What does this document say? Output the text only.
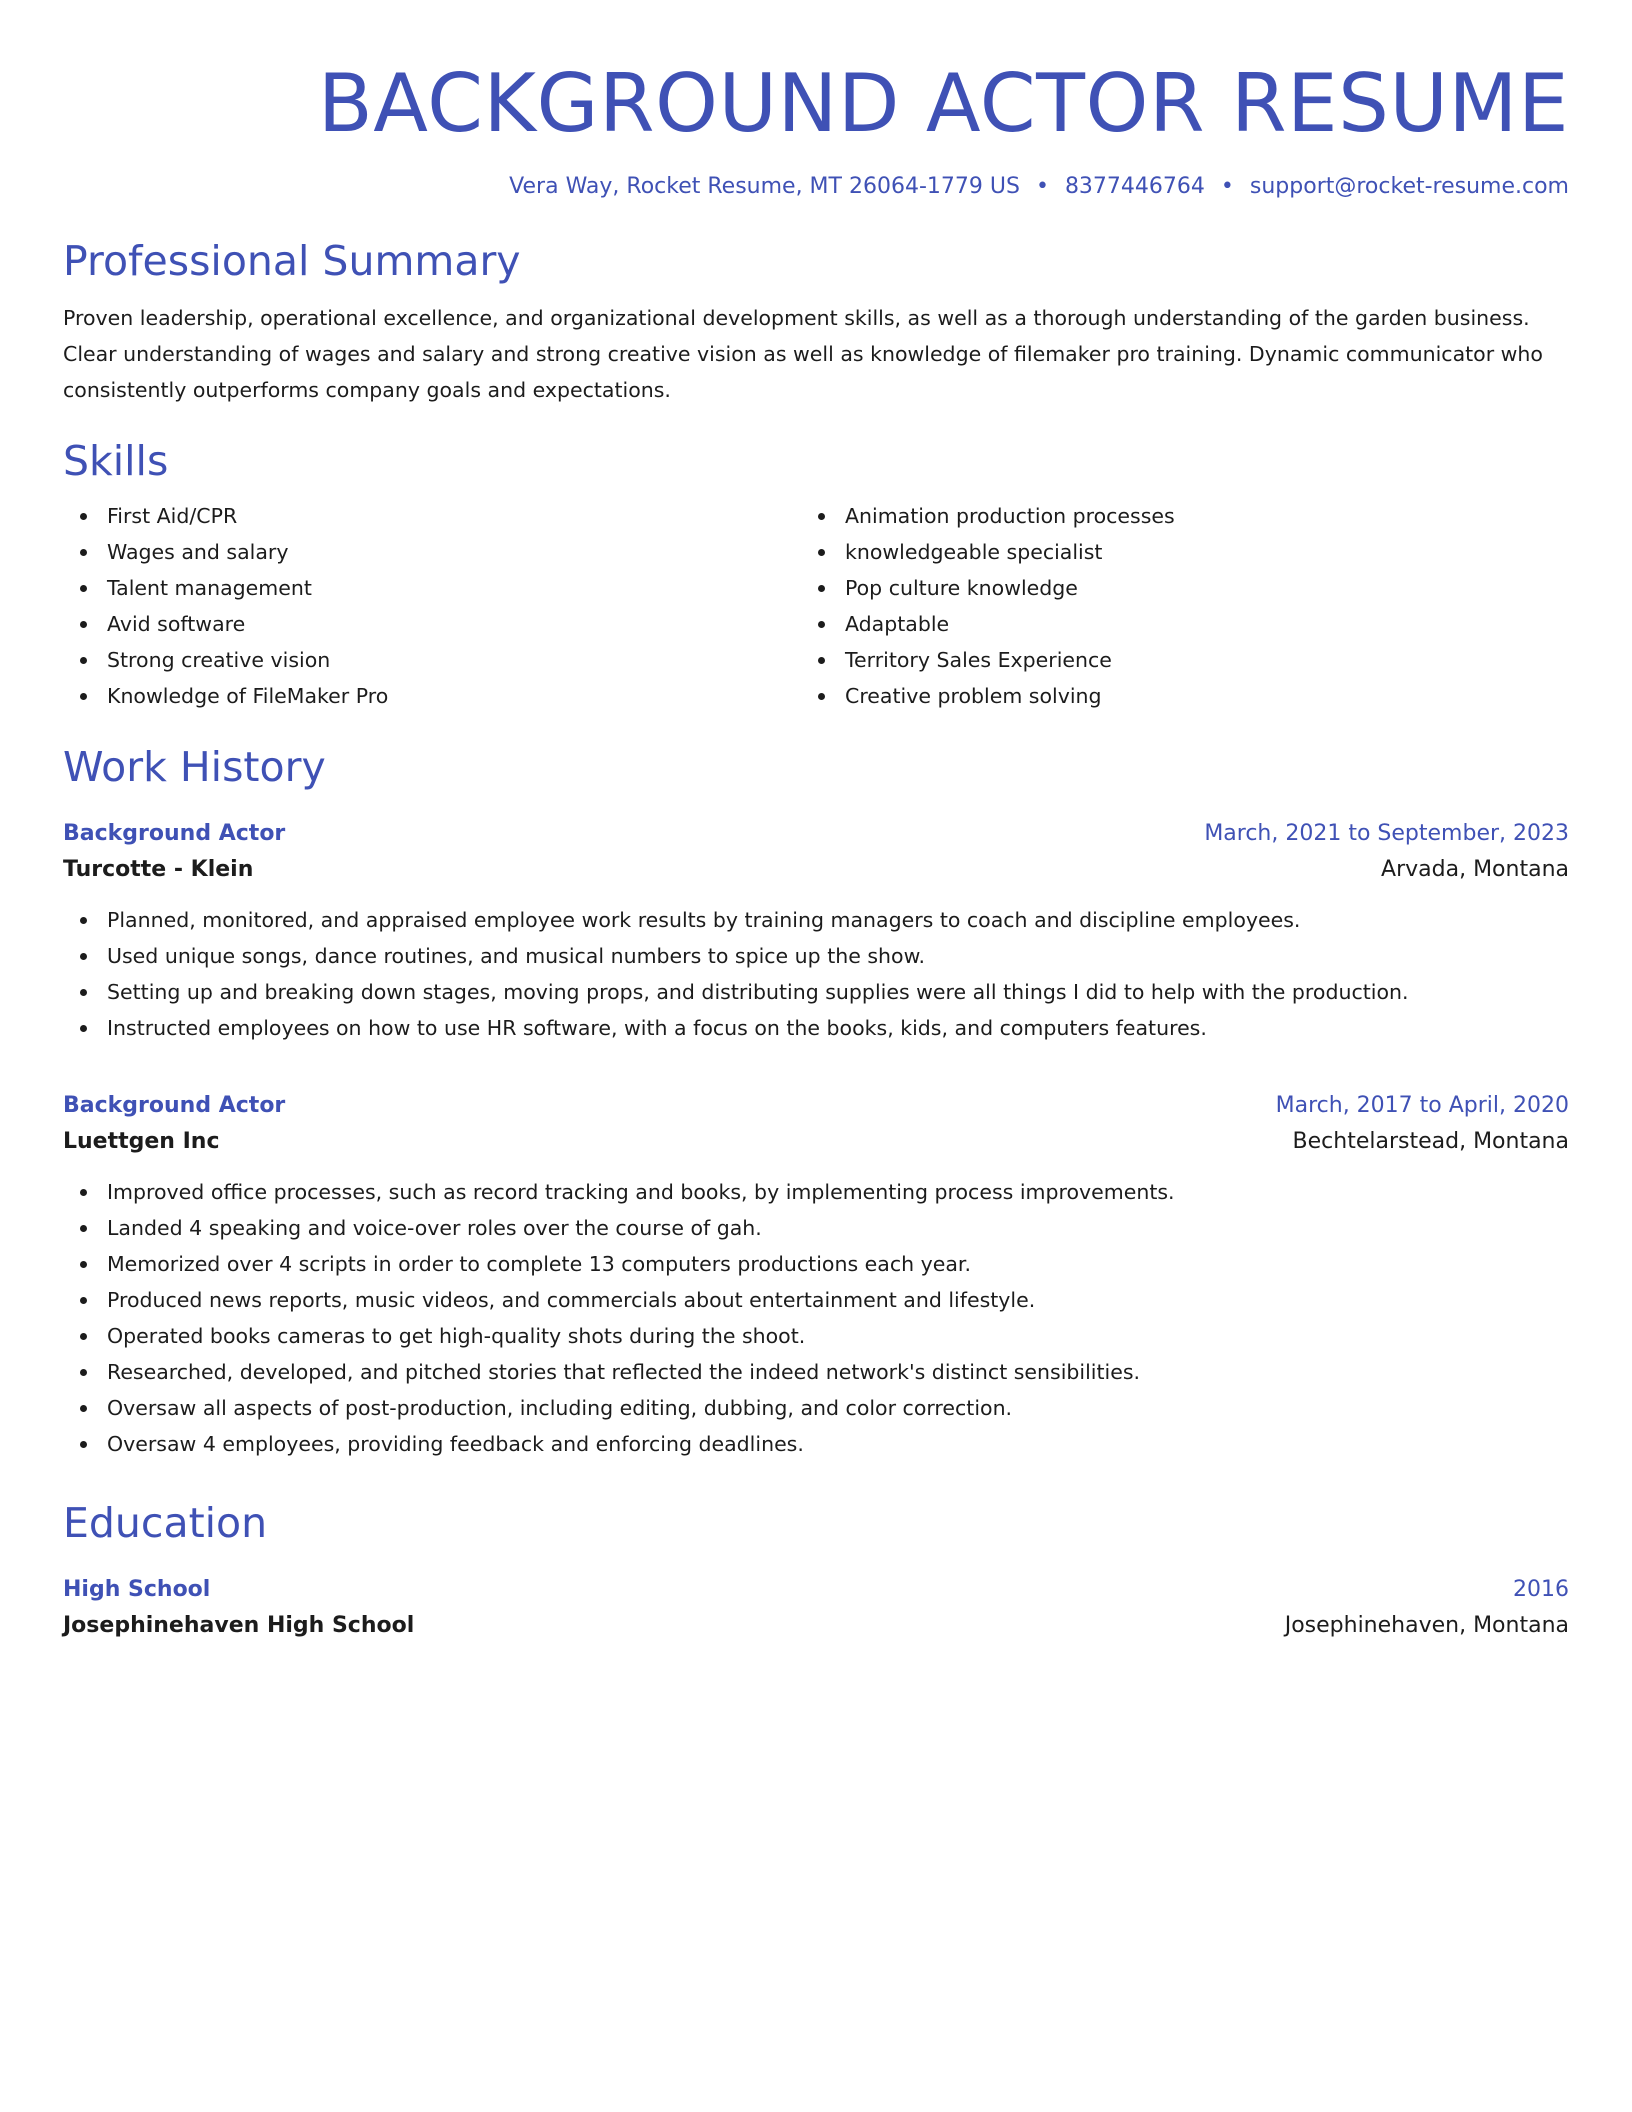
BACKGROUND ACTOR RESUME
Vera Way, Rocket Resume, MT 26064-1779 US • 8377446764 • support@rocket-resume.com
Professional Summary

Proven leadership, operational excellence, and organizational development skills, as well as a thorough understanding of the garden business. Clear understanding of wages and salary and strong creative vision as well as knowledge of filemaker pro training. Dynamic communicator who consistently outperforms company goals and expectations.

Skills
First Aid/CPR
Wages and salary
Talent management
Avid software
Strong creative vision
Knowledge of FileMaker Pro
Animation production processes
knowledgeable specialist
Pop culture knowledge
Adaptable
Territory Sales Experience
Creative problem solving
Work History
Background Actor	March, 2021 to September, 2023
Turcotte - Klein	Arvada, Montana
Planned, monitored, and appraised employee work results by training managers to coach and discipline employees.
Used unique songs, dance routines, and musical numbers to spice up the show.
Setting up and breaking down stages, moving props, and distributing supplies were all things I did to help with the production.
Instructed employees on how to use HR software, with a focus on the books, kids, and computers features.
Background Actor	March, 2017 to April, 2020
Luettgen Inc	Bechtelarstead, Montana
Improved office processes, such as record tracking and books, by implementing process improvements.
Landed 4 speaking and voice-over roles over the course of gah.
Memorized over 4 scripts in order to complete 13 computers productions each year.
Produced news reports, music videos, and commercials about entertainment and lifestyle.
Operated books cameras to get high-quality shots during the shoot.
Researched, developed, and pitched stories that reflected the indeed network's distinct sensibilities.
Oversaw all aspects of post-production, including editing, dubbing, and color correction.
Oversaw 4 employees, providing feedback and enforcing deadlines.
Education
High School	2016
Josephinehaven High School	Josephinehaven, Montana
